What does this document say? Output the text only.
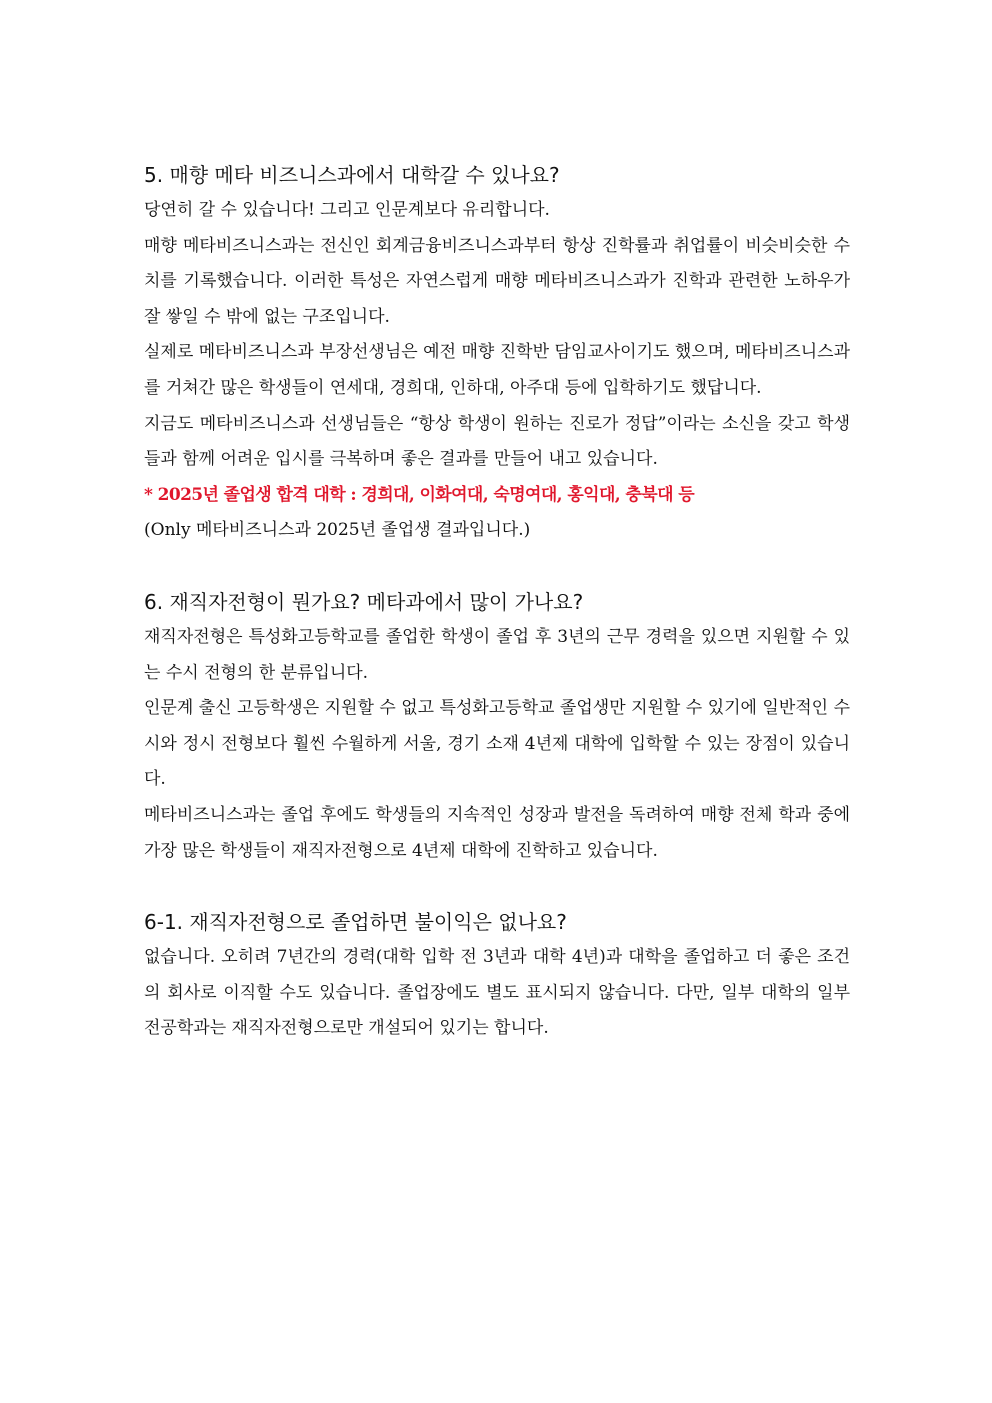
5. 매향 메타 비즈니스과에서 대학갈 수 있나요?

당연히 갈 수 있습니다! 그리고 인문계보다 유리합니다.

매향 메타비즈니스과는 전신인 회계금융비즈니스과부터 항상 진학률과 취업률이 비슷비슷한 수치를 기록했습니다. 이러한 특성은 자연스럽게 매향 메타비즈니스과가 진학과 관련한 노하우가 잘 쌓일 수 밖에 없는 구조입니다.

실제로 메타비즈니스과 부장선생님은 예전 매향 진학반 담임교사이기도 했으며, 메타비즈니스과를 거쳐간 많은 학생들이 연세대, 경희대, 인하대, 아주대 등에 입학하기도 했답니다.

지금도 메타비즈니스과 선생님들은 “항상 학생이 원하는 진로가 정답”이라는 소신을 갖고 학생들과 함께 어려운 입시를 극복하며 좋은 결과를 만들어 내고 있습니다.

* 2025년 졸업생 합격 대학 : 경희대, 이화여대, 숙명여대, 홍익대, 충북대 등

(Only 메타비즈니스과 2025년 졸업생 결과입니다.)

6. 재직자전형이 뭔가요? 메타과에서 많이 가나요?

재직자전형은 특성화고등학교를 졸업한 학생이 졸업 후 3년의 근무 경력을 있으면 지원할 수 있는 수시 전형의 한 분류입니다.

인문계 출신 고등학생은 지원할 수 없고 특성화고등학교 졸업생만 지원할 수 있기에 일반적인 수시와 정시 전형보다 훨씬 수월하게 서울, 경기 소재 4년제 대학에 입학할 수 있는 장점이 있습니다.

메타비즈니스과는 졸업 후에도 학생들의 지속적인 성장과 발전을 독려하여 매향 전체 학과 중에 가장 많은 학생들이 재직자전형으로 4년제 대학에 진학하고 있습니다.

6-1. 재직자전형으로 졸업하면 불이익은 없나요?

없습니다. 오히려 7년간의 경력(대학 입학 전 3년과 대학 4년)과 대학을 졸업하고 더 좋은 조건의 회사로 이직할 수도 있습니다. 졸업장에도 별도 표시되지 않습니다. 다만, 일부 대학의 일부 전공학과는 재직자전형으로만 개설되어 있기는 합니다.
